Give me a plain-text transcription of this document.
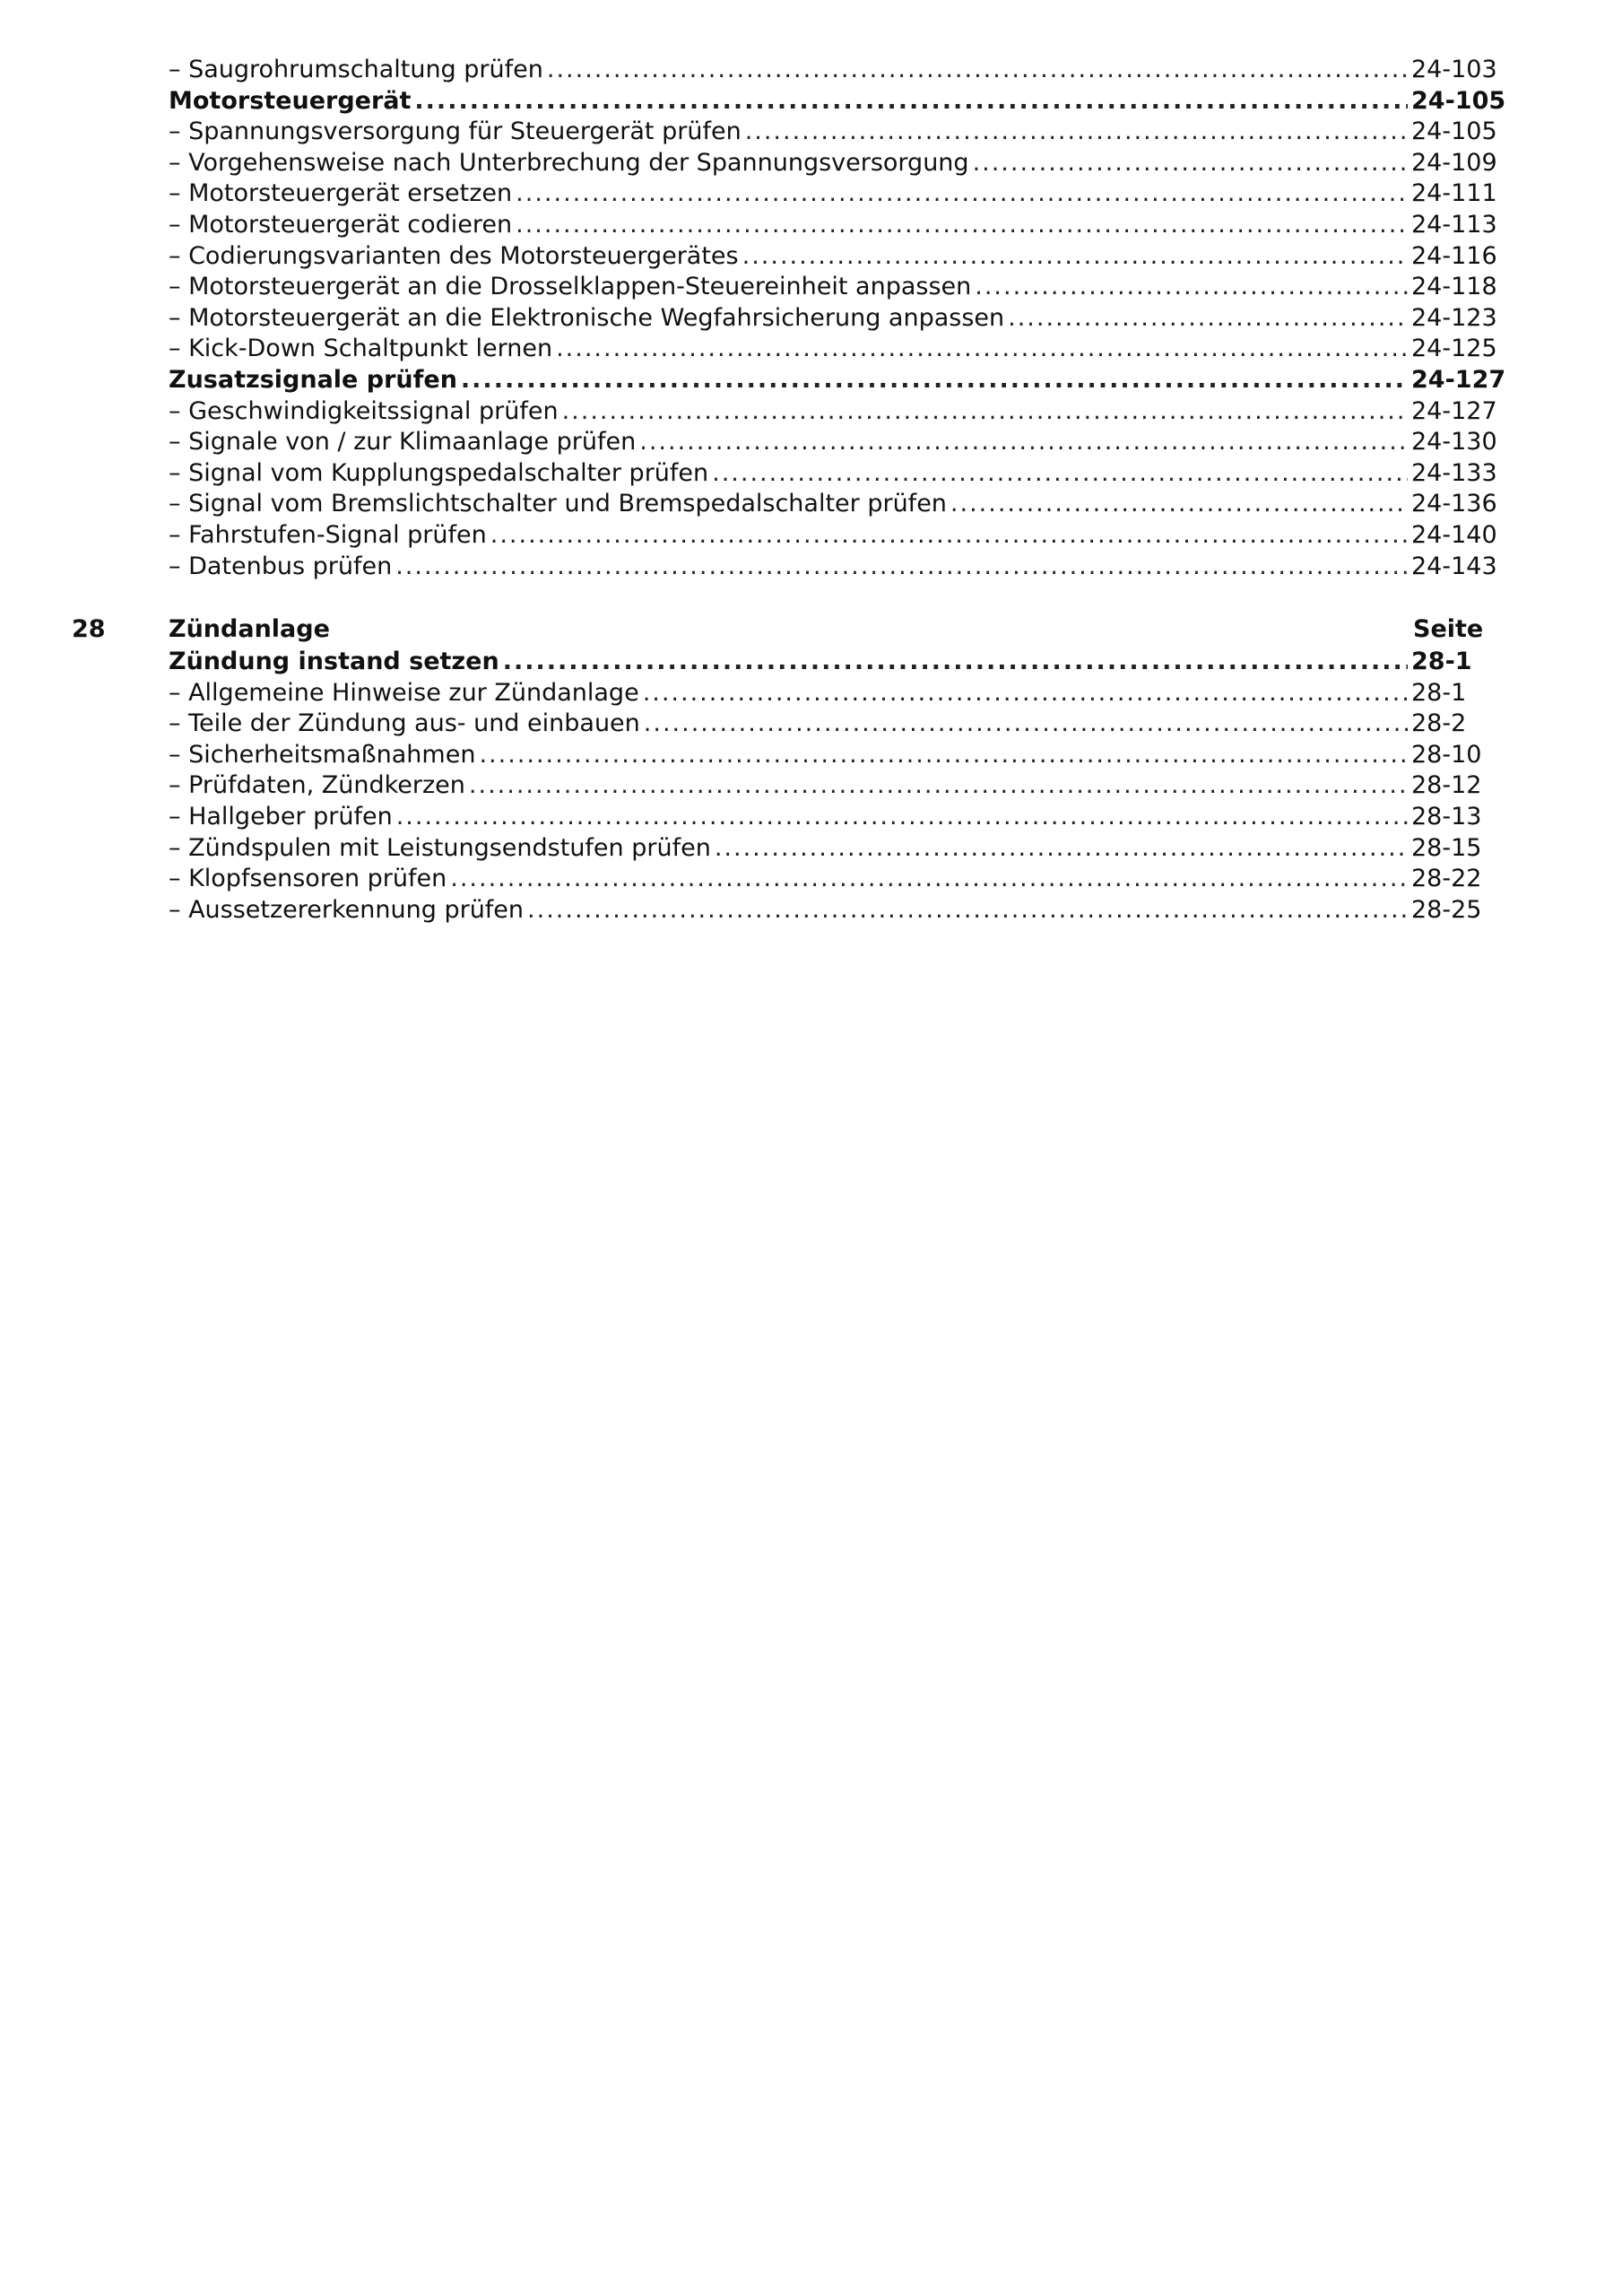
– Saugrohrumschaltung prüfen .....	24-103
Motorsteuergerät .....	24-105
– Spannungsversorgung für Steuergerät prüfen .....	24-105
– Vorgehensweise nach Unterbrechung der Spannungsversorgung .....	24-109
– Motorsteuergerät ersetzen .....	24-111
– Motorsteuergerät codieren .....	24-113
– Codierungsvarianten des Motorsteuergerätes .....	24-116
– Motorsteuergerät an die Drosselklappen-Steuereinheit anpassen .....	24-118
– Motorsteuergerät an die Elektronische Wegfahrsicherung anpassen .....	24-123
– Kick-Down Schaltpunkt lernen .....	24-125
Zusatzsignale prüfen .....	24-127
– Geschwindigkeitssignal prüfen .....	24-127
– Signale von / zur Klimaanlage prüfen .....	24-130
– Signal vom Kupplungspedalschalter prüfen .....	24-133
– Signal vom Bremslichtschalter und Bremspedalschalter prüfen .....	24-136
– Fahrstufen-Signal prüfen .....	24-140
– Datenbus prüfen .....	24-143
28	Zündanlage	Seite
Zündung instand setzen .....	28-1
– Allgemeine Hinweise zur Zündanlage .....	28-1
– Teile der Zündung aus- und einbauen .....	28-2
– Sicherheitsmaßnahmen .....	28-10
– Prüfdaten, Zündkerzen .....	28-12
– Hallgeber prüfen .....	28-13
– Zündspulen mit Leistungsendstufen prüfen .....	28-15
– Klopfsensoren prüfen .....	28-22
– Aussetzererkennung prüfen .....	28-25
